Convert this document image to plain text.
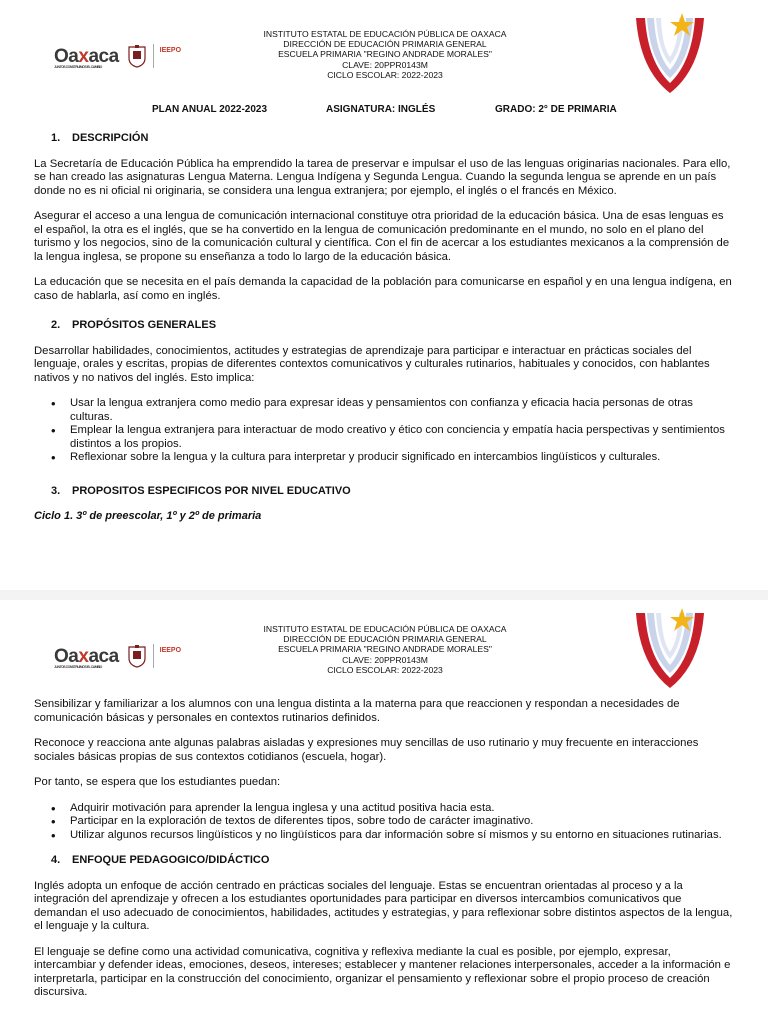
Oaxaca
JUNTOS CONSTRUIMOS EL CAMBIO
IEEPO
INSTITUTO ESTATAL DE EDUCACIÓN PÚBLICA DE OAXACA
DIRECCIÓN DE EDUCACIÓN PRIMARIA GENERAL
ESCUELA PRIMARIA "REGINO ANDRADE MORALES"
CLAVE: 20PPR0143M
CICLO ESCOLAR: 2022-2023
PLAN ANUAL 2022-2023	ASIGNATURA: INGLÉS	GRADO: 2° DE PRIMARIA
1. DESCRIPCIÓN

La Secretaría de Educación Pública ha emprendido la tarea de preservar e impulsar el uso de las lenguas originarias nacionales. Para ello, se han creado las asignaturas Lengua Materna. Lengua Indígena y Segunda Lengua. Cuando la segunda lengua se aprende en un país donde no es ni oficial ni originaria, se considera una lengua extranjera; por ejemplo, el inglés o el francés en México.

Asegurar el acceso a una lengua de comunicación internacional constituye otra prioridad de la educación básica. Una de esas lenguas es el español, la otra es el inglés, que se ha convertido en la lengua de comunicación predominante en el mundo, no solo en el plano del turismo y los negocios, sino de la comunicación cultural y científica. Con el fin de acercar a los estudiantes mexicanos a la comprensión de la lengua inglesa, se propone su enseñanza a todo lo largo de la educación básica.

La educación que se necesita en el país demanda la capacidad de la población para comunicarse en español y en una lengua indígena, en caso de hablarla, así como en inglés.

2. PROPÓSITOS GENERALES

Desarrollar habilidades, conocimientos, actitudes y estrategias de aprendizaje para participar e interactuar en prácticas sociales del lenguaje, orales y escritas, propias de diferentes contextos comunicativos y culturales rutinarios, habituales y conocidos, con hablantes nativos y no nativos del inglés. Esto implica:

• Usar la lengua extranjera como medio para expresar ideas y pensamientos con confianza y eficacia hacia personas de otras culturas.
• Emplear la lengua extranjera para interactuar de modo creativo y ético con conciencia y empatía hacia perspectivas y sentimientos distintos a los propios.
• Reflexionar sobre la lengua y la cultura para interpretar y producir significado en intercambios lingüísticos y culturales.
3. PROPOSITOS ESPECIFICOS POR NIVEL EDUCATIVO
Ciclo 1. 3º de preescolar, 1º y 2º de primaria
Oaxaca
JUNTOS CONSTRUIMOS EL CAMBIO
IEEPO
INSTITUTO ESTATAL DE EDUCACIÓN PÚBLICA DE OAXACA
DIRECCIÓN DE EDUCACIÓN PRIMARIA GENERAL
ESCUELA PRIMARIA "REGINO ANDRADE MORALES"
CLAVE: 20PPR0143M
CICLO ESCOLAR: 2022-2023

Sensibilizar y familiarizar a los alumnos con una lengua distinta a la materna para que reaccionen y respondan a necesidades de comunicación básicas y personales en contextos rutinarios definidos.

Reconoce y reacciona ante algunas palabras aisladas y expresiones muy sencillas de uso rutinario y muy frecuente en interacciones sociales básicas propias de sus contextos cotidianos (escuela, hogar).

Por tanto, se espera que los estudiantes puedan:

• Adquirir motivación para aprender la lengua inglesa y una actitud positiva hacia esta.
• Participar en la exploración de textos de diferentes tipos, sobre todo de carácter imaginativo.
• Utilizar algunos recursos lingüísticos y no lingüísticos para dar información sobre sí mismos y su entorno en situaciones rutinarias.
4. ENFOQUE PEDAGOGICO/DIDÁCTICO

Inglés adopta un enfoque de acción centrado en prácticas sociales del lenguaje. Estas se encuentran orientadas al proceso y a la integración del aprendizaje y ofrecen a los estudiantes oportunidades para participar en diversos intercambios comunicativos que demandan el uso adecuado de conocimientos, habilidades, actitudes y estrategias, y para reflexionar sobre distintos aspectos de la lengua, el lenguaje y la cultura.

El lenguaje se define como una actividad comunicativa, cognitiva y reflexiva mediante la cual es posible, por ejemplo, expresar, intercambiar y defender ideas, emociones, deseos, intereses; establecer y mantener relaciones interpersonales, acceder a la información e interpretarla, participar en la construcción del conocimiento, organizar el pensamiento y reflexionar sobre el propio proceso de creación discursiva.
